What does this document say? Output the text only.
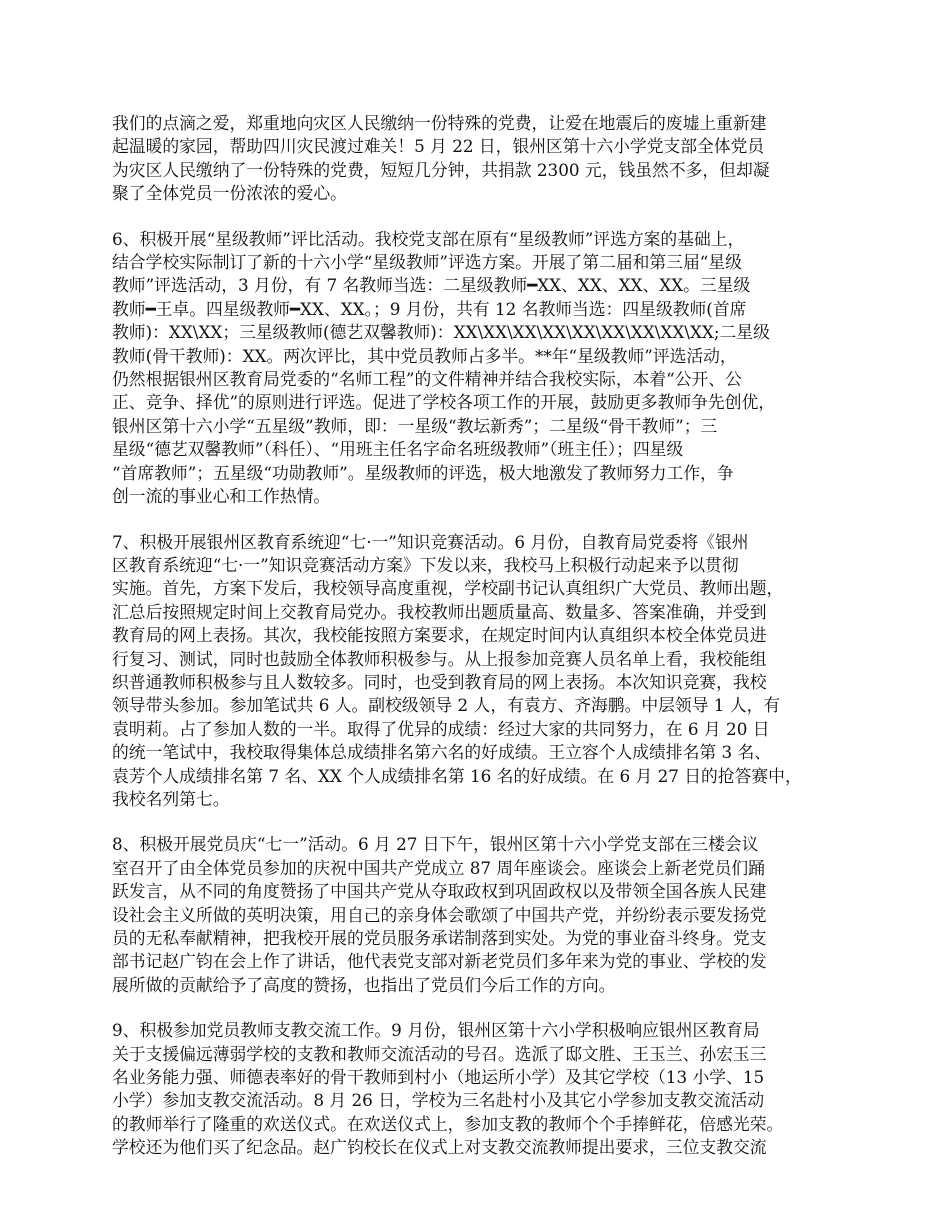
我们的点滴之爱，郑重地向灾区人民缴纳一份特殊的党费，让爱在地震后的废墟上重新建
起温暖的家园，帮助四川灾民渡过难关！5 月 22 日，银州区第十六小学党支部全体党员
为灾区人民缴纳了一份特殊的党费，短短几分钟，共捐款 2300 元，钱虽然不多，但却凝
聚了全体党员一份浓浓的爱心。
6、积极开展“星级教师”评比活动。我校党支部在原有“星级教师”评选方案的基础上，
结合学校实际制订了新的十六小学“星级教师”评选方案。开展了第二届和第三届“星级
教师”评选活动，3 月份，有 7 名教师当选：二星级教师━XX、XX、XX、XX。三星级
教师━王卓。四星级教师━XX、XX。；9 月份，共有 12 名教师当选：四星级教师(首席
教师)：XX\XX；三星级教师(德艺双馨教师)：XX\XX\XX\XX\XX\XX\XX\XX\XX;二星级
教师(骨干教师)：XX。两次评比，其中党员教师占多半。**年“星级教师”评选活动，
仍然根据银州区教育局党委的“名师工程”的文件精神并结合我校实际，本着“公开、公
正、竞争、择优”的原则进行评选。促进了学校各项工作的开展，鼓励更多教师争先创优，
银州区第十六小学“五星级”教师，即：一星级“教坛新秀”；二星级“骨干教师”；三
星级“德艺双馨教师”（科任）、“用班主任名字命名班级教师”（班主任）；四星级
“首席教师”；五星级“功勋教师”。星级教师的评选，极大地激发了教师努力工作，争
创一流的事业心和工作热情。
7、积极开展银州区教育系统迎“七·一”知识竞赛活动。6 月份，自教育局党委将《银州
区教育系统迎“七·一”知识竞赛活动方案》下发以来，我校马上积极行动起来予以贯彻
实施。首先，方案下发后，我校领导高度重视，学校副书记认真组织广大党员、教师出题，
汇总后按照规定时间上交教育局党办。我校教师出题质量高、数量多、答案准确，并受到
教育局的网上表扬。其次，我校能按照方案要求，在规定时间内认真组织本校全体党员进
行复习、测试，同时也鼓励全体教师积极参与。从上报参加竞赛人员名单上看，我校能组
织普通教师积极参与且人数较多。同时，也受到教育局的网上表扬。本次知识竞赛，我校
领导带头参加。参加笔试共 6 人。副校级领导 2 人，有袁方、齐海鹏。中层领导 1 人，有
袁明莉。占了参加人数的一半。取得了优异的成绩：经过大家的共同努力，在 6 月 20 日
的统一笔试中，我校取得集体总成绩排名第六名的好成绩。王立容个人成绩排名第 3 名、
袁芳个人成绩排名第 7 名、XX 个人成绩排名第 16 名的好成绩。在 6 月 27 日的抢答赛中，
我校名列第七。
8、积极开展党员庆“七一”活动。6 月 27 日下午，银州区第十六小学党支部在三楼会议
室召开了由全体党员参加的庆祝中国共产党成立 87 周年座谈会。座谈会上新老党员们踊
跃发言，从不同的角度赞扬了中国共产党从夺取政权到巩固政权以及带领全国各族人民建
设社会主义所做的英明决策，用自己的亲身体会歌颂了中国共产党，并纷纷表示要发扬党
员的无私奉献精神，把我校开展的党员服务承诺制落到实处。为党的事业奋斗终身。党支
部书记赵广钧在会上作了讲话，他代表党支部对新老党员们多年来为党的事业、学校的发
展所做的贡献给予了高度的赞扬，也指出了党员们今后工作的方向。
9、积极参加党员教师支教交流工作。9 月份，银州区第十六小学积极响应银州区教育局
关于支援偏远薄弱学校的支教和教师交流活动的号召。选派了邸文胜、王玉兰、孙宏玉三
名业务能力强、师德表率好的骨干教师到村小（地运所小学）及其它学校（13 小学、15
小学）参加支教交流活动。8 月 26 日，学校为三名赴村小及其它小学参加支教交流活动
的教师举行了隆重的欢送仪式。在欢送仪式上，参加支教的教师个个手捧鲜花，倍感光荣。
学校还为他们买了纪念品。赵广钧校长在仪式上对支教交流教师提出要求，三位支教交流
